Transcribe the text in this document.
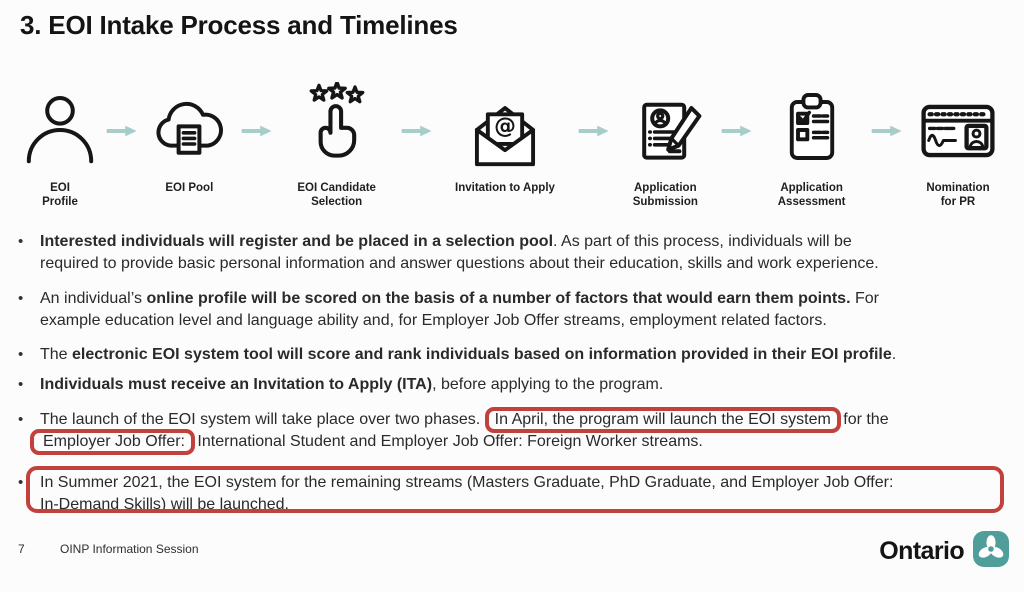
3. EOI Intake Process and Timelines
EOI
Profile
EOI Pool	EOI Candidate
Selection
@
Invitation to Apply	Application
Submission
Application
Assessment
Nomination
for PR
•	Interested individuals will register and be placed in a selection pool. As part of this process, individuals will be
required to provide basic personal information and answer questions about their education, skills and work experience.
•	An individual’s online profile will be scored on the basis of a number of factors that would earn them points. For
example education level and language ability and, for Employer Job Offer streams, employment related factors.
•	The electronic EOI system tool will score and rank individuals based on information provided in their EOI profile.
•	Individuals must receive an Invitation to Apply (ITA), before applying to the program.
•	The launch of the EOI system will take place over two phases. In April, the program will launch the EOI system for the
Employer Job Offer: International Student and Employer Job Offer: Foreign Worker streams.
•	In Summer 2021, the EOI system for the remaining streams (Masters Graduate, PhD Graduate, and Employer Job Offer:
In-Demand Skills) will be launched.
7	OINP Information Session	Ontario
